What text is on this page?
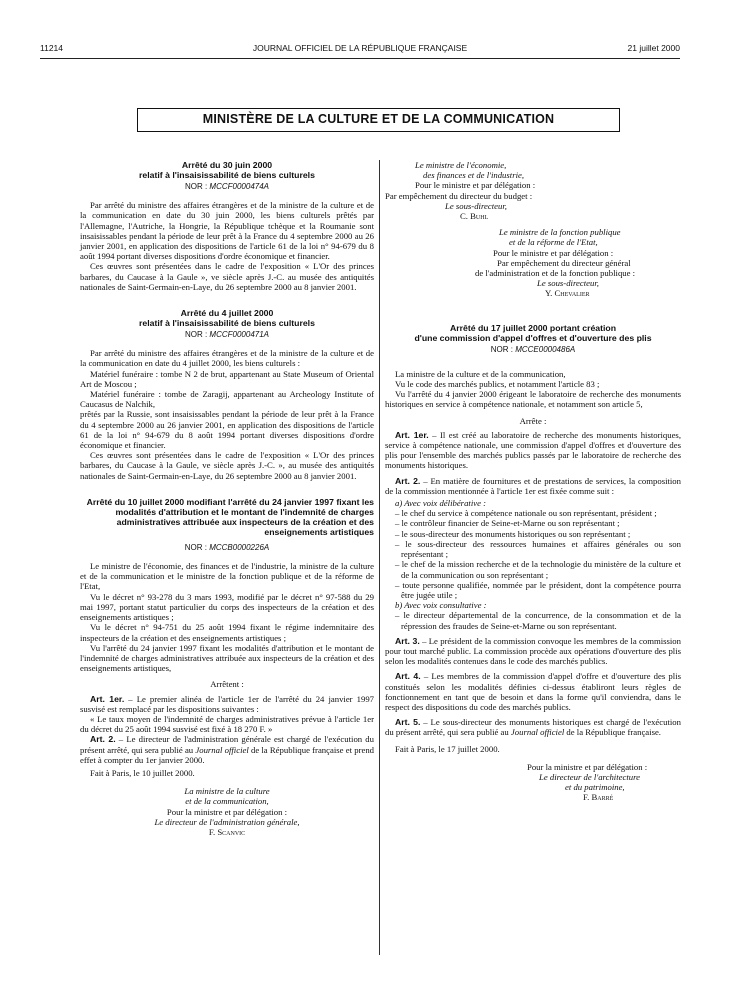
11214	JOURNAL OFFICIEL DE LA RÉPUBLIQUE FRANÇAISE	21 juillet 2000
MINISTÈRE DE LA CULTURE ET DE LA COMMUNICATION
Arrêté du 30 juin 2000
relatif à l'insaisissabilité de biens culturels
NOR : MCCF0000474A

Par arrêté du ministre des affaires étrangères et de la ministre de la culture et de la communication en date du 30 juin 2000, les biens culturels prêtés par l'Allemagne, l'Autriche, la Hongrie, la République tchèque et la Roumanie sont insaisissables pendant la période de leur prêt à la France du 4 septembre 2000 au 26 janvier 2001, en application des dispositions de l'article 61 de la loi n° 94-679 du 8 août 1994 portant diverses dispositions d'ordre économique et financier.

Ces œuvres sont présentées dans le cadre de l'exposition « L'Or des princes barbares, du Caucase à la Gaule », ve siècle après J.-C. au musée des antiquités nationales de Saint-Germain-en-Laye, du 26 septembre 2000 au 8 janvier 2001.

Arrêté du 4 juillet 2000
relatif à l'insaisissabilité de biens culturels
NOR : MCCF0000471A

Par arrêté du ministre des affaires étrangères et de la ministre de la culture et de la communication en date du 4 juillet 2000, les biens culturels :

Matériel funéraire : tombe N 2 de brut, appartenant au State Museum of Oriental Art de Moscou ;

Matériel funéraire : tombe de Zaragij, appartenant au Archeology Institute of Caucasus de Nalchik,

prêtés par la Russie, sont insaisissables pendant la période de leur prêt à la France du 4 septembre 2000 au 26 janvier 2001, en application des dispositions de l'article 61 de la loi n° 94-679 du 8 août 1994 portant diverses dispositions d'ordre économique et financier.

Ces œuvres sont présentées dans le cadre de l'exposition « L'Or des princes barbares, du Caucase à la Gaule, ve siècle après J.-C. », au musée des antiquités nationales de Saint-Germain-en-Laye, du 26 septembre 2000 au 8 janvier 2001.

Arrêté du 10 juillet 2000 modifiant l'arrêté du 24 janvier 1997 fixant les modalités d'attribution et le montant de l'indemnité de charges administratives attribuée aux inspecteurs de la création et des enseignements artistiques
NOR : MCCB0000226A

Le ministre de l'économie, des finances et de l'industrie, la ministre de la culture et de la communication et le ministre de la fonction publique et de la réforme de l'Etat,

Vu le décret n° 93-278 du 3 mars 1993, modifié par le décret n° 97-588 du 29 mai 1997, portant statut particulier du corps des inspecteurs de la création et des enseignements artistiques ;

Vu le décret n° 94-751 du 25 août 1994 fixant le régime indemnitaire des inspecteurs de la création et des enseignements artistiques ;

Vu l'arrêté du 24 janvier 1997 fixant les modalités d'attribution et le montant de l'indemnité de charges administratives attribuée aux inspecteurs de la création et des enseignements artistiques,

Arrêtent :

Art. 1er. – Le premier alinéa de l'article 1er de l'arrêté du 24 janvier 1997 susvisé est remplacé par les dispositions suivantes :

« Le taux moyen de l'indemnité de charges administratives prévue à l'article 1er du décret du 25 août 1994 susvisé est fixé à 18 270 F. »

Art. 2. – Le directeur de l'administration générale est chargé de l'exécution du présent arrêté, qui sera publié au Journal officiel de la République française et prend effet à compter du 1er janvier 2000.

Fait à Paris, le 10 juillet 2000.

La ministre de la culture
et de la communication,
Pour la ministre et par délégation :
Le directeur de l'administration générale,
F. Scanvic
Le ministre de l'économie,
des finances et de l'industrie,
Pour le ministre et par délégation :
Par empêchement du directeur du budget :
Le sous-directeur,
C. Buhl
Le ministre de la fonction publique
et de la réforme de l'Etat,
Pour le ministre et par délégation :
Par empêchement du directeur général
de l'administration et de la fonction publique :
Le sous-directeur,
Y. Chevalier
Arrêté du 17 juillet 2000 portant création
d'une commission d'appel d'offres et d'ouverture des plis
NOR : MCCE0000486A

La ministre de la culture et de la communication,

Vu le code des marchés publics, et notamment l'article 83 ;

Vu l'arrêté du 4 janvier 2000 érigeant le laboratoire de recherche des monuments historiques en service à compétence nationale, et notamment son article 5,

Arrête :

Art. 1er. – Il est créé au laboratoire de recherche des monuments historiques, service à compétence nationale, une commission d'appel d'offres et d'ouverture des plis pour l'ensemble des marchés publics passés par le laboratoire de recherche des monuments historiques.

Art. 2. – En matière de fournitures et de prestations de services, la composition de la commission mentionnée à l'article 1er est fixée comme suit :

a) Avec voix délibérative :

– le chef du service à compétence nationale ou son représentant, président ;

– le contrôleur financier de Seine-et-Marne ou son représentant ;

– le sous-directeur des monuments historiques ou son représentant ;

– le sous-directeur des ressources humaines et affaires générales ou son représentant ;

– le chef de la mission recherche et de la technologie du ministère de la culture et de la communication ou son représentant ;

– toute personne qualifiée, nommée par le président, dont la compétence pourra être jugée utile ;

b) Avec voix consultative :

– le directeur départemental de la concurrence, de la consommation et de la répression des fraudes de Seine-et-Marne ou son représentant.

Art. 3. – Le président de la commission convoque les membres de la commission pour tout marché public. La commission procède aux opérations d'ouverture des plis selon les modalités contenues dans le code des marchés publics.

Art. 4. – Les membres de la commission d'appel d'offre et d'ouverture des plis constitués selon les modalités définies ci-dessus établiront leurs règles de fonctionnement en tant que de besoin et dans la forme qu'il conviendra, dans le respect des dispositions du code des marchés publics.

Art. 5. – Le sous-directeur des monuments historiques est chargé de l'exécution du présent arrêté, qui sera publié au Journal officiel de la République française.

Fait à Paris, le 17 juillet 2000.

Pour la ministre et par délégation :
Le directeur de l'architecture
et du patrimoine,
F. Barré
